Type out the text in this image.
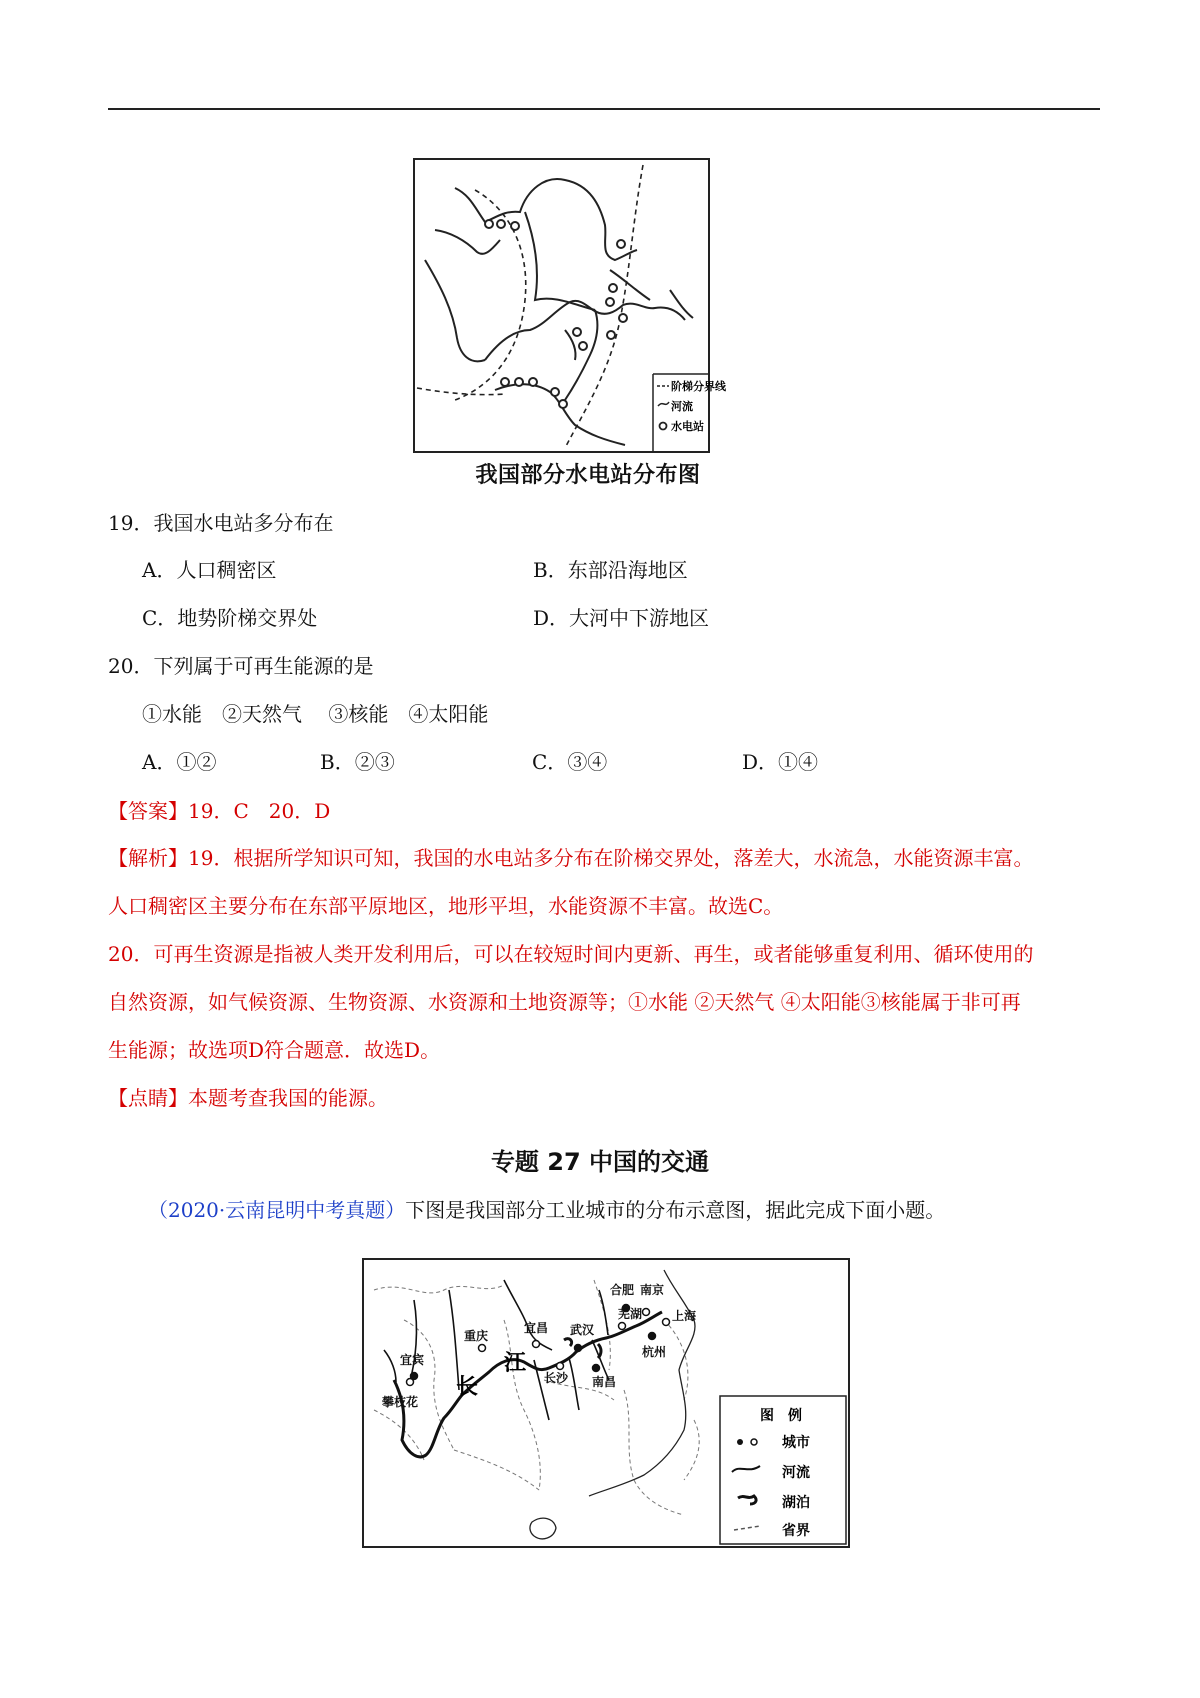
阶梯分界线
河流
水电站
我国部分水电站分布图
19．我国水电站多分布在
A．人口稠密区	B．东部沿海地区
C．地势阶梯交界处	D．大河中下游地区
20．下列属于可再生能源的是
①水能　②天然气　 ③核能　④太阳能
A．①②	B．②③	C．③④	D．①④
【答案】19．C　20．D
【解析】19．根据所学知识可知，我国的水电站多分布在阶梯交界处，落差大，水流急，水能资源丰富。
人口稠密区主要分布在东部平原地区，地形平坦，水能资源不丰富。故选C。
20．可再生资源是指被人类开发利用后，可以在较短时间内更新、再生，或者能够重复利用、循环使用的
自然资源，如气候资源、生物资源、水资源和土地资源等；①水能 ②天然气 ④太阳能③核能属于非可再
生能源；故选项D符合题意．故选D。
【点睛】本题考查我国的能源。
专题 27 中国的交通
（2020·云南昆明中考真题）下图是我国部分工业城市的分布示意图，据此完成下面小题。
合肥 南京
上海
芜湖
杭州
宜昌 武汉
重庆
宜宾
长沙 南昌
攀枝花
长
江
图　例
城市
河流
湖泊
省界
